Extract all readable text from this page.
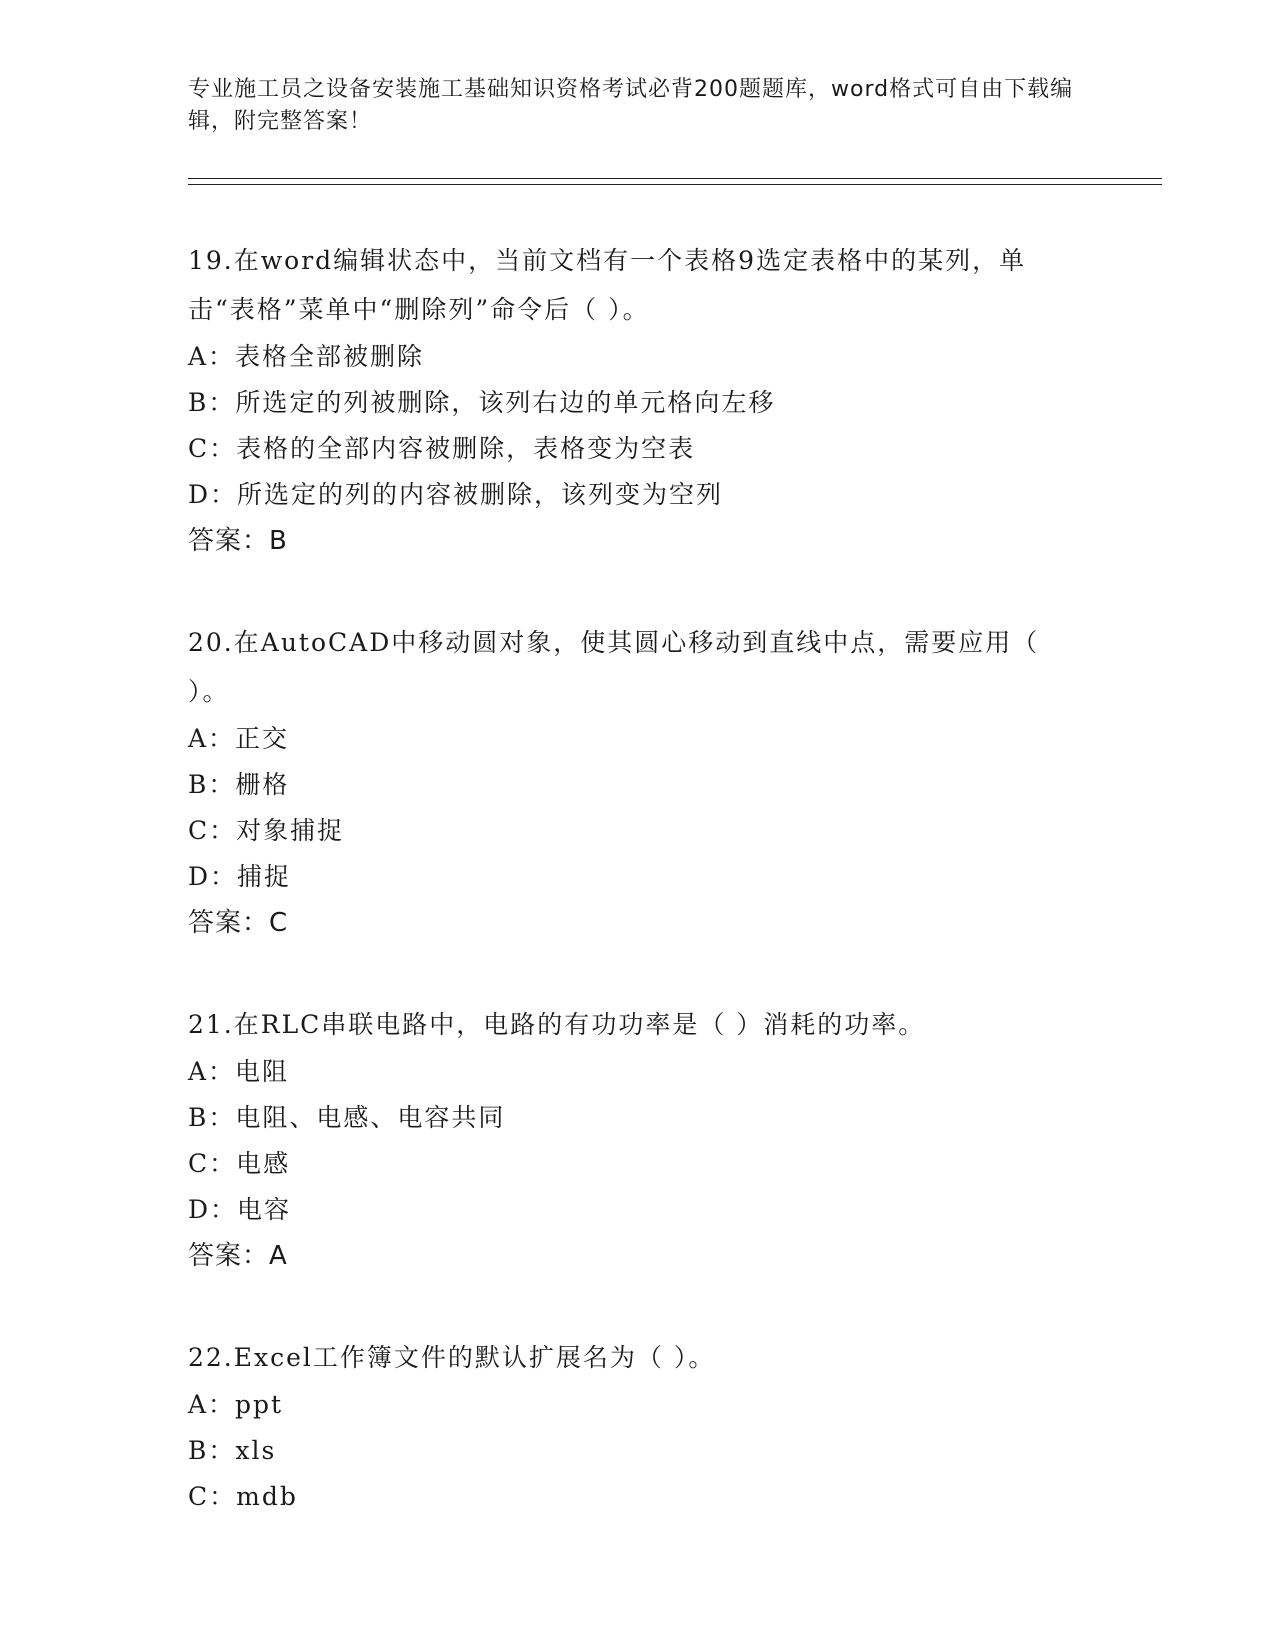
专业施工员之设备安装施工基础知识资格考试必背200题题库，word格式可自由下载编辑，附完整答案！
19.在word编辑状态中，当前文档有一个表格9选定表格中的某列，单击“表格”菜单中“删除列”命令后（ ）。
A：表格全部被删除
B：所选定的列被删除，该列右边的单元格向左移
C：表格的全部内容被删除，表格变为空表
D：所选定的列的内容被删除，该列变为空列
答案：B
20.在AutoCAD中移动圆对象，使其圆心移动到直线中点，需要应用（ ）。
A：正交
B：栅格
C：对象捕捉
D：捕捉
答案：C
21.在RLC串联电路中，电路的有功功率是（ ）消耗的功率。
A：电阻
B：电阻、电感、电容共同
C：电感
D：电容
答案：A
22.Excel工作簿文件的默认扩展名为（ ）。
A：ppt
B：xls
C：mdb
